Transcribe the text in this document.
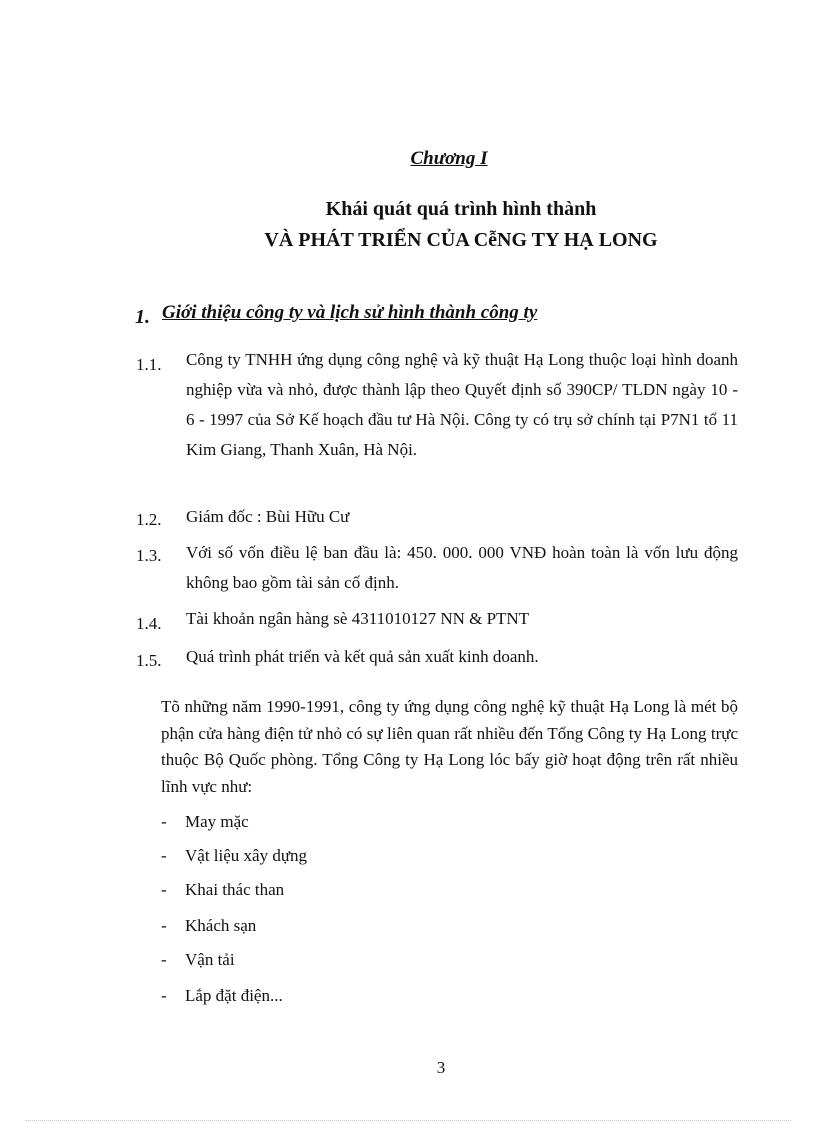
Chương I
Khái quát quá trình hình thành
VÀ PHÁT TRIỂN CỦA CễNG TY HẠ LONG
1. Giới thiệu công ty và lịch sử hình thành công ty
1.1. Công ty TNHH ứng dụng công nghệ và kỹ thuật Hạ Long thuộc loại hình doanh nghiệp vừa và nhỏ, được thành lập theo Quyết định số 390CP/ TLDN ngày 10 - 6 - 1997 của Sở Kế hoạch đầu tư Hà Nội. Công ty có trụ sở chính tại P7N1 tổ 11 Kim Giang, Thanh Xuân, Hà Nội.
1.2. Giám đốc : Bùi Hữu Cư
1.3. Với số vốn điều lệ ban đầu là: 450. 000. 000 VNĐ hoàn toàn là vốn lưu động không bao gồm tài sản cố định.
1.4. Tài khoản ngân hàng sè 4311010127 NN & PTNT
1.5. Quá trình phát triển và kết quả sản xuất kinh doanh.
Tõ những năm 1990-1991, công ty ứng dụng công nghệ kỹ thuật Hạ Long là mét bộ phận cửa hàng điện tử nhỏ có sự liên quan rất nhiều đến Tổng Công ty Hạ Long trực thuộc Bộ Quốc phòng. Tổng Công ty Hạ Long lóc bấy giờ hoạt động trên rất nhiều lĩnh vực như:
- May mặc
- Vật liệu xây dựng
- Khai thác than
- Khách sạn
- Vận tải
- Lắp đặt điện...
3
